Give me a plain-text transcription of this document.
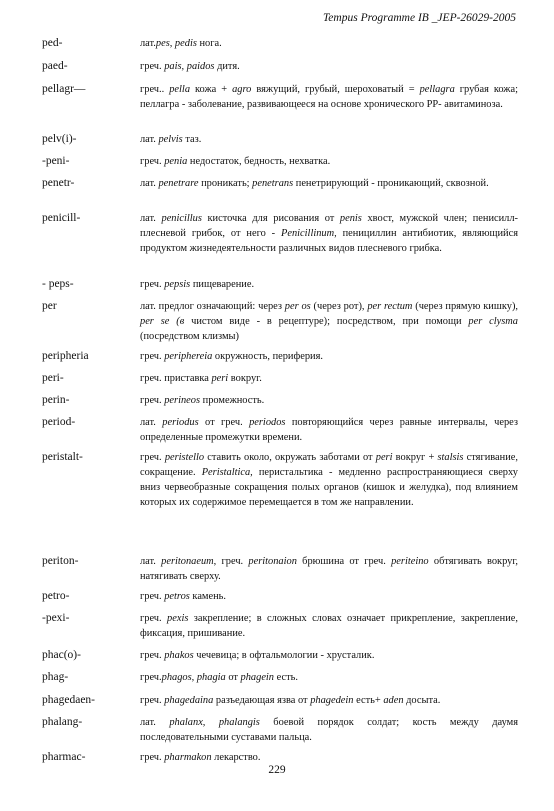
Tempus Programme IB _JEP-26029-2005
ped-	лат.pes, pedis нога.
paed-	греч. pais, paidos дитя.
pellagr—	греч.. pella кожа + agro вяжущий, грубый, шероховатый = pellagra грубая кожа; пеллагра - заболевание, развивающееся на основе хронического РР- авитаминоза.
pelv(i)-	лат. pelvis таз.
-peni-	греч. penia недостаток, бедность, нехватка.
penetr-	лат. penetrare проникать; penetrans пенетрирующий - проникающий, сквозной.
penicill-	лат. penicillus кисточка для рисования от penis хвост, мужской член; пенисилл- плесневой грибок, от него - Penicillinum, пенициллин антибиотик, являющийся продуктом жизнедеятельности различных видов плесневого грибка.
- peps-	греч. pepsis пищеварение.
per	лат. предлог означающий: через per os (через рот), per rectum (через прямую кишку), per se (в чистом виде - в рецептуре); посредством, при помощи per clysma (посредством клизмы)
peripheria	греч. periphereia окружность, периферия.
peri-	греч. приставка peri вокруг.
perin-	греч. perineos промежность.
period-	лат. periodus от греч. periodos повторяющийся через равные интервалы, через определенные промежутки времени.
peristalt-	греч. peristello ставить около, окружать заботами от peri вокруг + stalsis стягивание, сокращение. Peristaltica, перистальтика - медленно распространяющиеся сверху вниз червеобразные сокращения полых органов (кишок и желудка), под влиянием которых их содержимое перемещается в том же направлении.
periton-	лат. peritonaeum, греч. peritonaion брюшина от греч. periteino обтягивать вокруг, натягивать сверху.
petro-	греч. petros камень.
-pexi-	греч. pexis закрепление; в сложных словах означает прикрепление, закрепление, фиксация, пришивание.
phac(o)-	греч. phakos чечевица; в офтальмологии - хрусталик.
phag-	греч.phagos, phagia от phagein есть.
phagedaen-	греч. phagedaina разъедающая язва от phagedein есть+ aden досыта.
phalang-	лат. phalanx, phalangis боевой порядок солдат; кость между даумя последовательными суставами пальца.
pharmac-	греч. pharmakon лекарство.
229
